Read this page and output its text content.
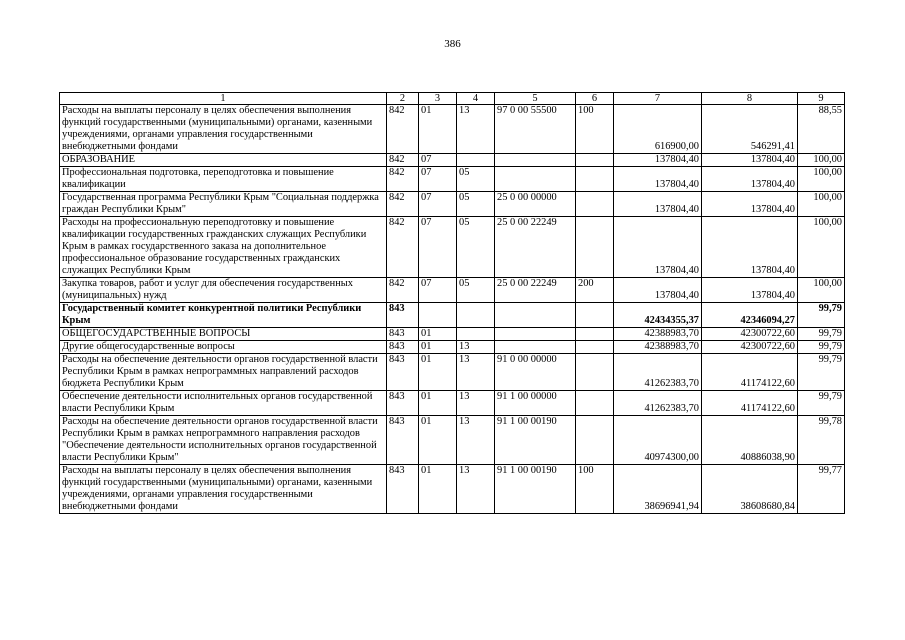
386
1	2	3	4	5	6	7	8	9
Расходы на выплаты персоналу в целях обеспечения выполнения функций государственными (муниципальными) органами, казенными учреждениями, органами управления государственными внебюджетными фондами	842	01	13	97 0 00 55500	100	616900,00	546291,41	88,55
ОБРАЗОВАНИЕ	842	07				137804,40	137804,40	100,00
Профессиональная подготовка, переподготовка и повышение квалификации	842	07	05			137804,40	137804,40	100,00
Государственная программа Республики Крым "Социальная поддержка граждан Республики Крым"	842	07	05	25 0 00 00000		137804,40	137804,40	100,00
Расходы на профессиональную переподготовку и повышение квалификации государственных гражданских служащих Республики Крым в рамках государственного заказа на дополнительное профессиональное образование государственных гражданских служащих Республики Крым	842	07	05	25 0 00 22249		137804,40	137804,40	100,00
Закупка товаров, работ и услуг для обеспечения государственных (муниципальных) нужд	842	07	05	25 0 00 22249	200	137804,40	137804,40	100,00
Государственный комитет конкурентной политики Республики Крым	843					42434355,37	42346094,27	99,79
ОБЩЕГОСУДАРСТВЕННЫЕ ВОПРОСЫ	843	01				42388983,70	42300722,60	99,79
Другие общегосударственные вопросы	843	01	13			42388983,70	42300722,60	99,79
Расходы на обеспечение деятельности органов государственной власти Республики Крым в рамках непрограммных направлений расходов бюджета Республики Крым	843	01	13	91 0 00 00000		41262383,70	41174122,60	99,79
Обеспечение деятельности исполнительных органов государственной власти Республики Крым	843	01	13	91 1 00 00000		41262383,70	41174122,60	99,79
Расходы на обеспечение деятельности органов государственной власти Республики Крым в рамках непрограммного направления расходов "Обеспечение деятельности исполнительных органов государственной власти Республики Крым"	843	01	13	91 1 00 00190		40974300,00	40886038,90	99,78
Расходы на выплаты персоналу в целях обеспечения выполнения функций государственными (муниципальными) органами, казенными учреждениями, органами управления государственными внебюджетными фондами	843	01	13	91 1 00 00190	100	38696941,94	38608680,84	99,77
